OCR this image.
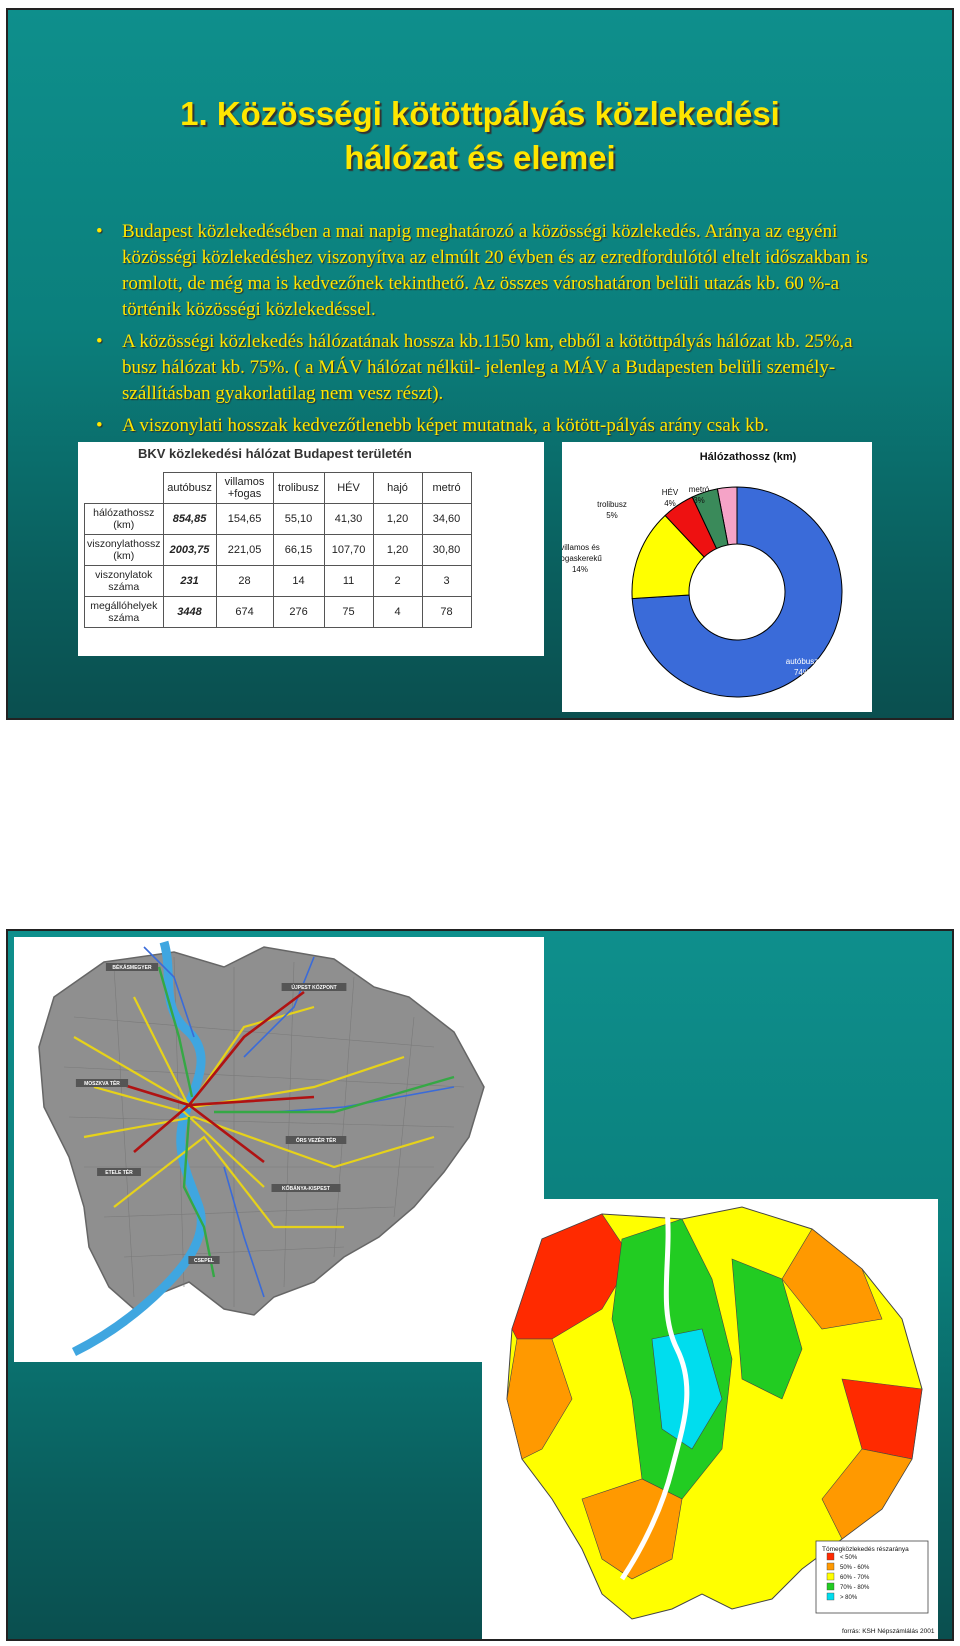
1. Közösségi kötöttpályás közlekedési
hálózat és elemei
• Budapest közlekedésében a mai napig meghatározó a közösségi közlekedés. Aránya az egyéni közösségi közlekedéshez viszonyítva az elmúlt 20 évben és az ezredfordulótól eltelt időszakban is romlott, de még ma is kedvezőnek tekinthető. Az összes városhatáron belüli utazás kb. 60 %-a történik közösségi közlekedéssel.
• A közösségi közlekedés hálózatának hossza kb.1150 km, ebből a kötöttpályás hálózat kb. 25%,a busz hálózat kb. 75%. ( a MÁV hálózat nélkül- jelenleg a MÁV a Budapesten belüli személy-szállításban gyakorlatilag nem vesz részt).
• A viszonylati hosszak kedvezőtlenebb képet mutatnak, a kötött-pályás arány csak kb.
BKV közlekedési hálózat Budapest területén
	autóbusz	villamos +fogas	trolibusz	HÉV	hajó	metró
hálózathossz (km)	854,85	154,65	55,10	41,30	1,20	34,60
viszonylathossz (km)	2003,75	221,05	66,15	107,70	1,20	30,80
viszonylatok száma	231	28	14	11	2	3
megállóhelyek száma	3448	674	276	75	4	78
Hálózathossz (km)
metró
3%
autóbusz
74%
villamos és
fogaskerekű
14%
trolibusz
5%
HÉV
4%
BÉKÁSMEGYER
ÚJPEST KÖZPONT
MOSZKVA TÉR
ÖRS VEZÉR TÉR
ETELE TÉR
KŐBÁNYA-KISPEST
CSEPEL
Tömegközlekedés részaránya
< 50%
50% - 60%
60% - 70%
70% - 80%
> 80%
forrás: KSH Népszámlálás 2001
